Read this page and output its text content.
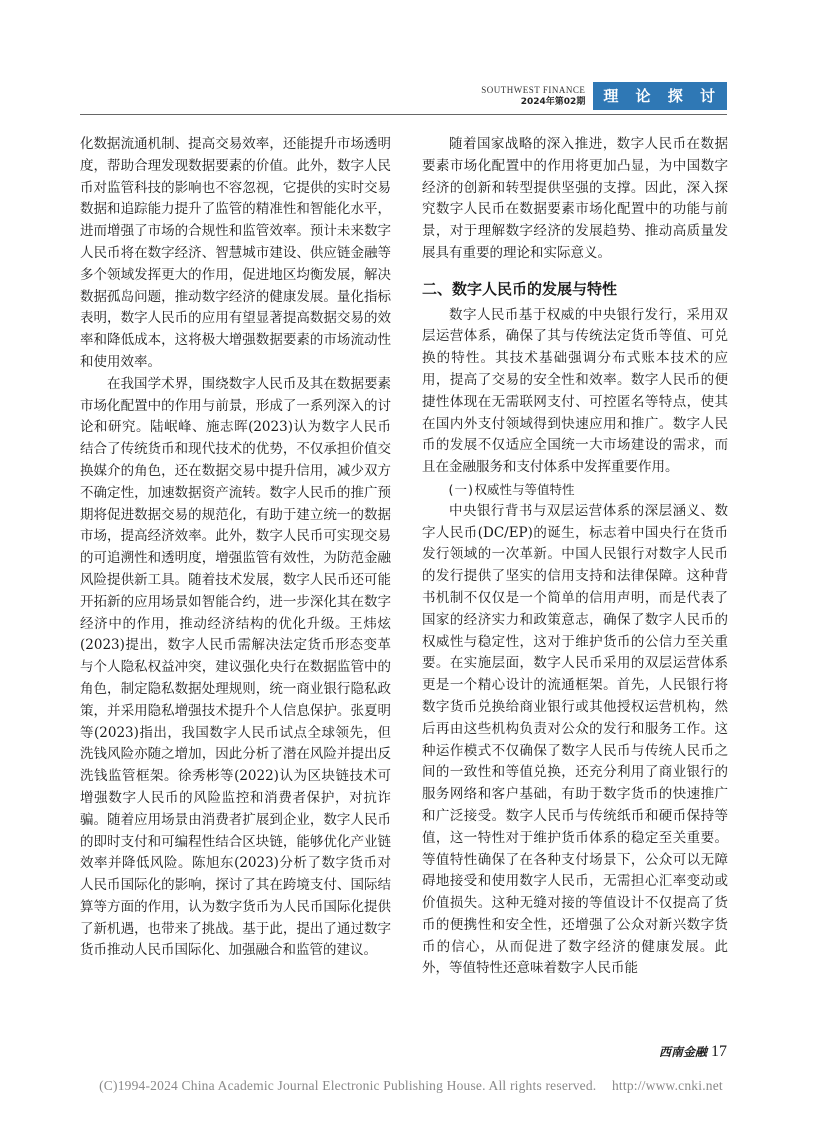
SOUTHWEST FINANCE
2024年第02期	理 论 探 讨

化数据流通机制、提高交易效率，还能提升市场透明度，帮助合理发现数据要素的价值。此外，数字人民币对监管科技的影响也不容忽视，它提供的实时交易数据和追踪能力提升了监管的精准性和智能化水平，进而增强了市场的合规性和监管效率。预计未来数字人民币将在数字经济、智慧城市建设、供应链金融等多个领域发挥更大的作用，促进地区均衡发展，解决数据孤岛问题，推动数字经济的健康发展。量化指标表明，数字人民币的应用有望显著提高数据交易的效率和降低成本，这将极大增强数据要素的市场流动性和使用效率。

在我国学术界，围绕数字人民币及其在数据要素市场化配置中的作用与前景，形成了一系列深入的讨论和研究。陆岷峰、施志晖(2023)认为数字人民币结合了传统货币和现代技术的优势，不仅承担价值交换媒介的角色，还在数据交易中提升信用，减少双方不确定性，加速数据资产流转。数字人民币的推广预期将促进数据交易的规范化，有助于建立统一的数据市场，提高经济效率。此外，数字人民币可实现交易的可追溯性和透明度，增强监管有效性，为防范金融风险提供新工具。随着技术发展，数字人民币还可能开拓新的应用场景如智能合约，进一步深化其在数字经济中的作用，推动经济结构的优化升级。王炜炫(2023)提出，数字人民币需解决法定货币形态变革与个人隐私权益冲突，建议强化央行在数据监管中的角色，制定隐私数据处理规则，统一商业银行隐私政策，并采用隐私增强技术提升个人信息保护。张夏明等(2023)指出，我国数字人民币试点全球领先，但洗钱风险亦随之增加，因此分析了潜在风险并提出反洗钱监管框架。徐秀彬等(2022)认为区块链技术可增强数字人民币的风险监控和消费者保护，对抗诈骗。随着应用场景由消费者扩展到企业，数字人民币的即时支付和可编程性结合区块链，能够优化产业链效率并降低风险。陈旭东(2023)分析了数字货币对人民币国际化的影响，探讨了其在跨境支付、国际结算等方面的作用，认为数字货币为人民币国际化提供了新机遇，也带来了挑战。基于此，提出了通过数字货币推动人民币国际化、加强融合和监管的建议。

随着国家战略的深入推进，数字人民币在数据要素市场化配置中的作用将更加凸显，为中国数字经济的创新和转型提供坚强的支撑。因此，深入探究数字人民币在数据要素市场化配置中的功能与前景，对于理解数字经济的发展趋势、推动高质量发展具有重要的理论和实际意义。

二、数字人民币的发展与特性

数字人民币基于权威的中央银行发行，采用双层运营体系，确保了其与传统法定货币等值、可兑换的特性。其技术基础强调分布式账本技术的应用，提高了交易的安全性和效率。数字人民币的便捷性体现在无需联网支付、可控匿名等特点，使其在国内外支付领域得到快速应用和推广。数字人民币的发展不仅适应全国统一大市场建设的需求，而且在金融服务和支付体系中发挥重要作用。

(一)权威性与等值特性

中央银行背书与双层运营体系的深层涵义、数字人民币(DC/EP)的诞生，标志着中国央行在货币发行领域的一次革新。中国人民银行对数字人民币的发行提供了坚实的信用支持和法律保障。这种背书机制不仅仅是一个简单的信用声明，而是代表了国家的经济实力和政策意志，确保了数字人民币的权威性与稳定性，这对于维护货币的公信力至关重要。在实施层面，数字人民币采用的双层运营体系更是一个精心设计的流通框架。首先，人民银行将数字货币兑换给商业银行或其他授权运营机构，然后再由这些机构负责对公众的发行和服务工作。这种运作模式不仅确保了数字人民币与传统人民币之间的一致性和等值兑换，还充分利用了商业银行的服务网络和客户基础，有助于数字货币的快速推广和广泛接受。数字人民币与传统纸币和硬币保持等值，这一特性对于维护货币体系的稳定至关重要。等值特性确保了在各种支付场景下，公众可以无障碍地接受和使用数字人民币，无需担心汇率变动或价值损失。这种无缝对接的等值设计不仅提高了货币的便携性和安全性，还增强了公众对新兴数字货币的信心，从而促进了数字经济的健康发展。此外，等值特性还意味着数字人民币能

西南金融 17
(C)1994-2024 China Academic Journal Electronic Publishing House. All rights reserved. http://www.cnki.net
